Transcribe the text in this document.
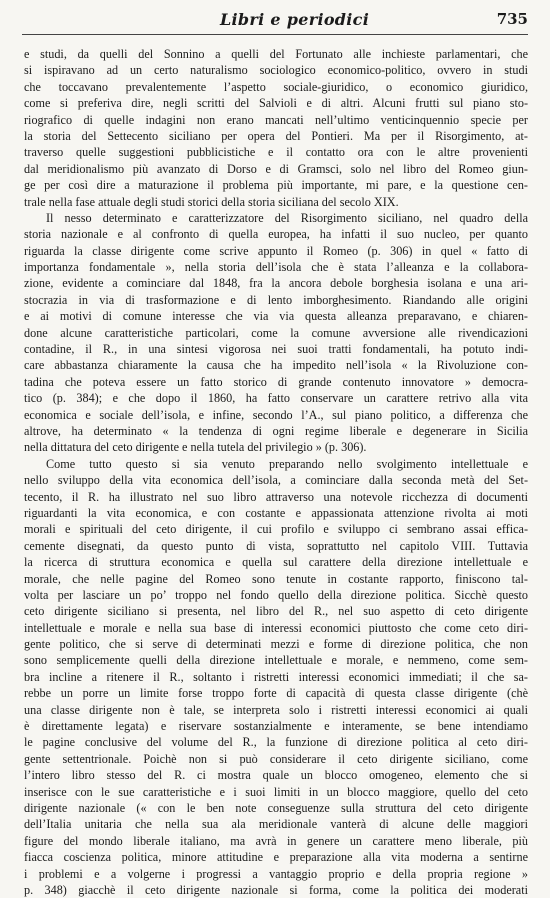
Libri e periodici	735
e studi, da quelli del Sonnino a quelli del Fortunato alle inchieste parlamentari, che
si ispiravano ad un certo naturalismo sociologico economico-politico, ovvero in studi
che toccavano prevalentemente l’aspetto sociale-giuridico, o economico giuridico,
come si preferiva dire, negli scritti del Salvioli e di altri. Alcuni frutti sul piano sto-
riografico di quelle indagini non erano mancati nell’ultimo venticinquennio specie per
la storia del Settecento siciliano per opera del Pontieri. Ma per il Risorgimento, at-
traverso quelle suggestioni pubblicistiche e il contatto ora con le altre provenienti
dal meridionalismo più avanzato di Dorso e di Gramsci, solo nel libro del Romeo giun-
ge per così dire a maturazione il problema più importante, mi pare, e la questione cen-
trale nella fase attuale degli studi storici della storia siciliana del secolo XIX.
Il nesso determinato e caratterizzatore del Risorgimento siciliano, nel quadro della
storia nazionale e al confronto di quella europea, ha infatti il suo nucleo, per quanto
riguarda la classe dirigente come scrive appunto il Romeo (p. 306) in quel « fatto di
importanza fondamentale », nella storia dell’isola che è stata l’alleanza e la collabora-
zione, evidente a cominciare dal 1848, fra la ancora debole borghesia isolana e una ari-
stocrazia in via di trasformazione e di lento imborghesimento. Riandando alle origini
e ai motivi di comune interesse che via via questa alleanza preparavano, e chiaren-
done alcune caratteristiche particolari, come la comune avversione alle rivendicazioni
contadine, il R., in una sintesi vigorosa nei suoi tratti fondamentali, ha potuto indi-
care abbastanza chiaramente la causa che ha impedito nell’isola « la Rivoluzione con-
tadina che poteva essere un fatto storico di grande contenuto innovatore » democra-
tico (p. 384); e che dopo il 1860, ha fatto conservare un carattere retrivo alla vita
economica e sociale dell’isola, e infine, secondo l’A., sul piano politico, a differenza che
altrove, ha determinato « la tendenza di ogni regime liberale e degenerare in Sicilia
nella dittatura del ceto dirigente e nella tutela del privilegio » (p. 306).
Come tutto questo si sia venuto preparando nello svolgimento intellettuale e
nello sviluppo della vita economica dell’isola, a cominciare dalla seconda metà del Set-
tecento, il R. ha illustrato nel suo libro attraverso una notevole ricchezza di documenti
riguardanti la vita economica, e con costante e appassionata attenzione rivolta ai moti
morali e spirituali del ceto dirigente, il cui profilo e sviluppo ci sembrano assai effica-
cemente disegnati, da questo punto di vista, soprattutto nel capitolo VIII. Tuttavia
la ricerca di struttura economica e quella sul carattere della direzione intellettuale e
morale, che nelle pagine del Romeo sono tenute in costante rapporto, finiscono tal-
volta per lasciare un po’ troppo nel fondo quello della direzione politica. Sicchè questo
ceto dirigente siciliano si presenta, nel libro del R., nel suo aspetto di ceto dirigente
intellettuale e morale e nella sua base di interessi economici piuttosto che come ceto diri-
gente politico, che si serve di determinati mezzi e forme di direzione politica, che non
sono semplicemente quelli della direzione intellettuale e morale, e nemmeno, come sem-
bra incline a ritenere il R., soltanto i ristretti interessi economici immediati; il che sa-
rebbe un porre un limite forse troppo forte di capacità di questa classe dirigente (chè
una classe dirigente non è tale, se interpreta solo i ristretti interessi economici ai quali
è direttamente legata) e riservare sostanzialmente e interamente, se bene intendiamo
le pagine conclusive del volume del R., la funzione di direzione politica al ceto diri-
gente settentrionale. Poichè non si può considerare il ceto dirigente siciliano, come
l’intero libro stesso del R. ci mostra quale un blocco omogeneo, elemento che si
inserisce con le sue caratteristiche e i suoi limiti in un blocco maggiore, quello del ceto
dirigente nazionale (« con le ben note conseguenze sulla struttura del ceto dirigente
dell’Italia unitaria che nella sua ala meridionale vanterà di alcune delle maggiori
figure del mondo liberale italiano, ma avrà in genere un carattere meno liberale, più
fiacca coscienza politica, minore attitudine e preparazione alla vita moderna a sentirne
i problemi e a volgerne i progressi a vantaggio proprio e della propria regione »
p. 348) giacchè il ceto dirigente nazionale si forma, come la politica dei moderati
